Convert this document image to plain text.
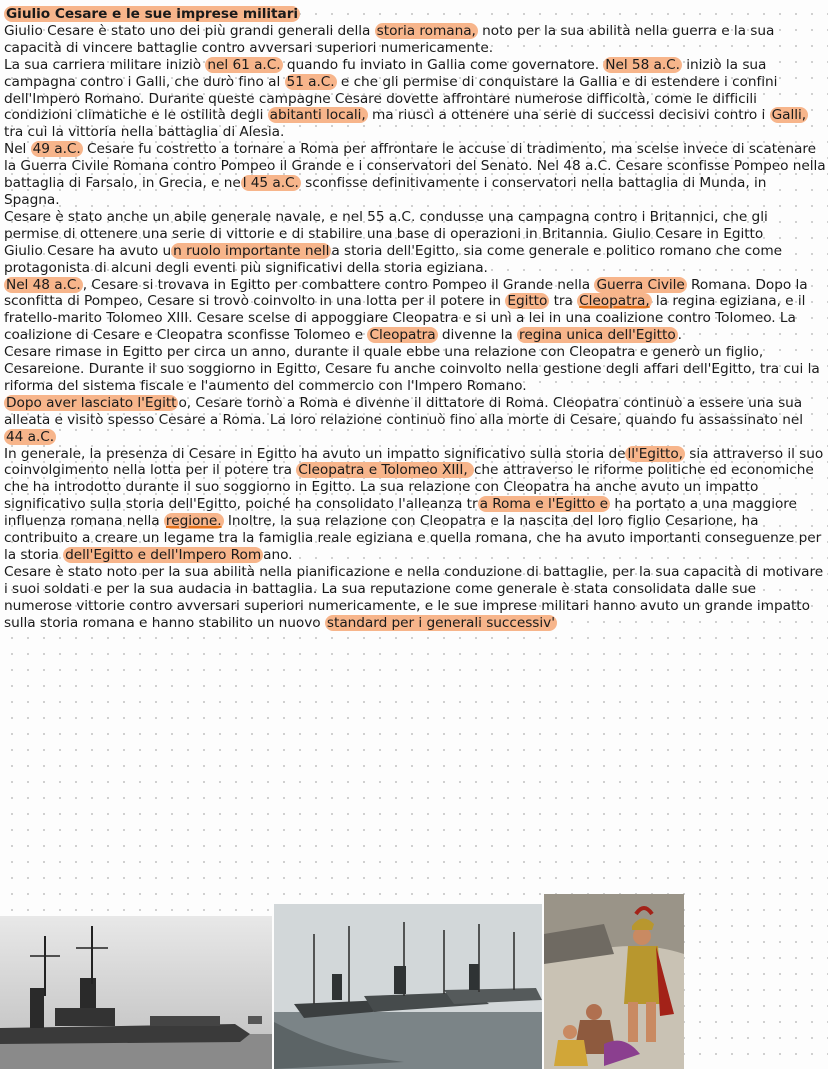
Giulio Cesare e le sue imprese militari

Giulio Cesare è stato uno dei più grandi generali della storia romana, noto per la sua abilità nella guerra e la sua capacità di vincere battaglie contro avversari superiori numericamente.

La sua carriera militare iniziò nel 61 a.C. quando fu inviato in Gallia come governatore. Nel 58 a.C. iniziò la sua campagna contro i Galli, che durò fino al 51 a.C. e che gli permise di conquistare la Gallia e di estendere i confini dell'Impero Romano. Durante queste campagne Cesare dovette affrontare numerose difficoltà, come le difficili condizioni climatiche e le ostilità degli abitanti locali, ma riuscì a ottenere una serie di successi decisivi contro i Galli, tra cui la vittoria nella battaglia di Alesia.

Nel 49 a.C. Cesare fu costretto a tornare a Roma per affrontare le accuse di tradimento, ma scelse invece di scatenare la Guerra Civile Romana contro Pompeo il Grande e i conservatori del Senato. Nel 48 a.C. Cesare sconfisse Pompeo nella battaglia di Farsalo, in Grecia, e ne l 45 a.C. sconfisse definitivamente i conservatori nella battaglia di Munda, in Spagna.

Cesare è stato anche un abile generale navale, e nel 55 a.C. condusse una campagna contro i Britannici, che gli permise di ottenere una serie di vittorie e di stabilire una base di operazioni in Britannia. Giulio Cesare in Egitto

Giulio Cesare ha avuto u n ruolo importante nell a storia dell'Egitto, sia come generale e politico romano che come protagonista di alcuni degli eventi più significativi della storia egiziana.

Nel 48 a.C. , Cesare si trovava in Egitto per combattere contro Pompeo il Grande nella Guerra Civile Romana. Dopo la sconfitta di Pompeo, Cesare si trovò coinvolto in una lotta per il potere in Egitto tra Cleopatra, la regina egiziana, e il fratello-marito Tolomeo XIII. Cesare scelse di appoggiare Cleopatra e si unì a lei in una coalizione contro Tolomeo. La coalizione di Cesare e Cleopatra sconfisse Tolomeo e Cleopatra divenne la regina unica dell'Egitto .

Cesare rimase in Egitto per circa un anno, durante il quale ebbe una relazione con Cleopatra e generò un figlio, Cesareione. Durante il suo soggiorno in Egitto, Cesare fu anche coinvolto nella gestione degli affari dell'Egitto, tra cui la riforma del sistema fiscale e l'aumento del commercio con l'Impero Romano.

Dopo aver lasciato l'Egitt o, Cesare tornò a Roma e divenne il dittatore di Roma. Cleopatra continuò a essere una sua alleata e visitò spesso Cesare a Roma. La loro relazione continuò fino alla morte di Cesare, quando fu assassinato nel 44 a.C.

In generale, la presenza di Cesare in Egitto ha avuto un impatto significativo sulla storia de ll'Egitto, sia attraverso il suo coinvolgimento nella lotta per il potere tra Cleopatra e Tolomeo XIII, che attraverso le riforme politiche ed economiche che ha introdotto durante il suo soggiorno in Egitto. La sua relazione con Cleopatra ha anche avuto un impatto significativo sulla storia dell'Egitto, poiché ha consolidato l'alleanza tr a Roma e l'Egitto e ha portato a una maggiore influenza romana nella regione. Inoltre, la sua relazione con Cleopatra e la nascita del loro figlio Cesarione, ha contribuito a creare un legame tra la famiglia reale egiziana e quella romana, che ha avuto importanti conseguenze per la storia dell'Egitto e dell'Impero Rom ano.

Cesare è stato noto per la sua abilità nella pianificazione e nella conduzione di battaglie, per la sua capacità di motivare i suoi soldati e per la sua audacia in battaglia. La sua reputazione come generale è stata consolidata dalle sue numerose vittorie contro avversari superiori numericamente, e le sue imprese militari hanno avuto un grande impatto sulla storia romana e hanno stabilito un nuovo standard per i generali successiv'
